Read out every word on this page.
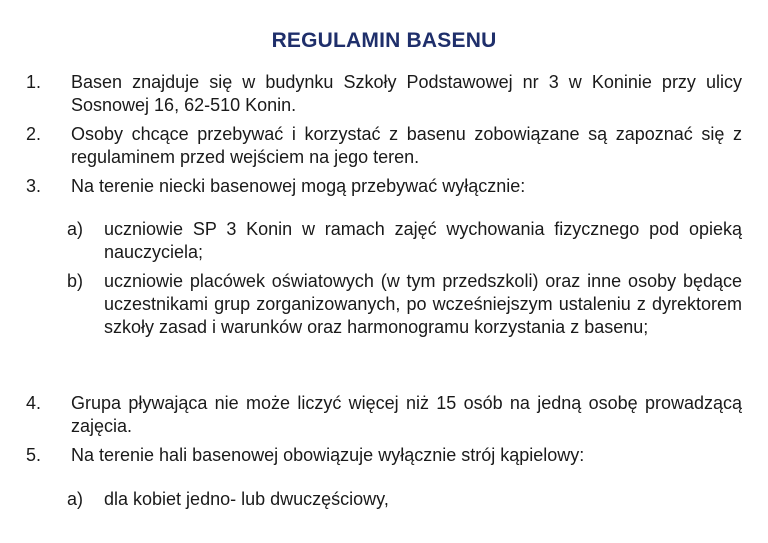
REGULAMIN BASENU
1.	Basen znajduje się w budynku Szkoły Podstawowej nr 3 w Koninie przy ulicy Sosnowej 16, 62-510 Konin.
2.	Osoby chcące przebywać i korzystać z basenu zobowiązane są zapoznać się z regulaminem przed wejściem na jego teren.
3.	Na terenie niecki basenowej mogą przebywać wyłącznie:
a)	uczniowie SP 3 Konin w ramach zajęć wychowania fizycznego pod opieką nauczyciela;
b)	uczniowie placówek oświatowych (w tym przedszkoli) oraz inne osoby będące uczestnikami grup zorganizowanych, po wcześniejszym ustaleniu z dyrektorem szkoły zasad i warunków oraz harmonogramu korzystania z basenu;
4.	Grupa pływająca nie może liczyć więcej niż 15 osób na jedną osobę prowadzącą zajęcia.
5.	Na terenie hali basenowej obowiązuje wyłącznie strój kąpielowy:
a)	dla kobiet jedno- lub dwuczęściowy,
